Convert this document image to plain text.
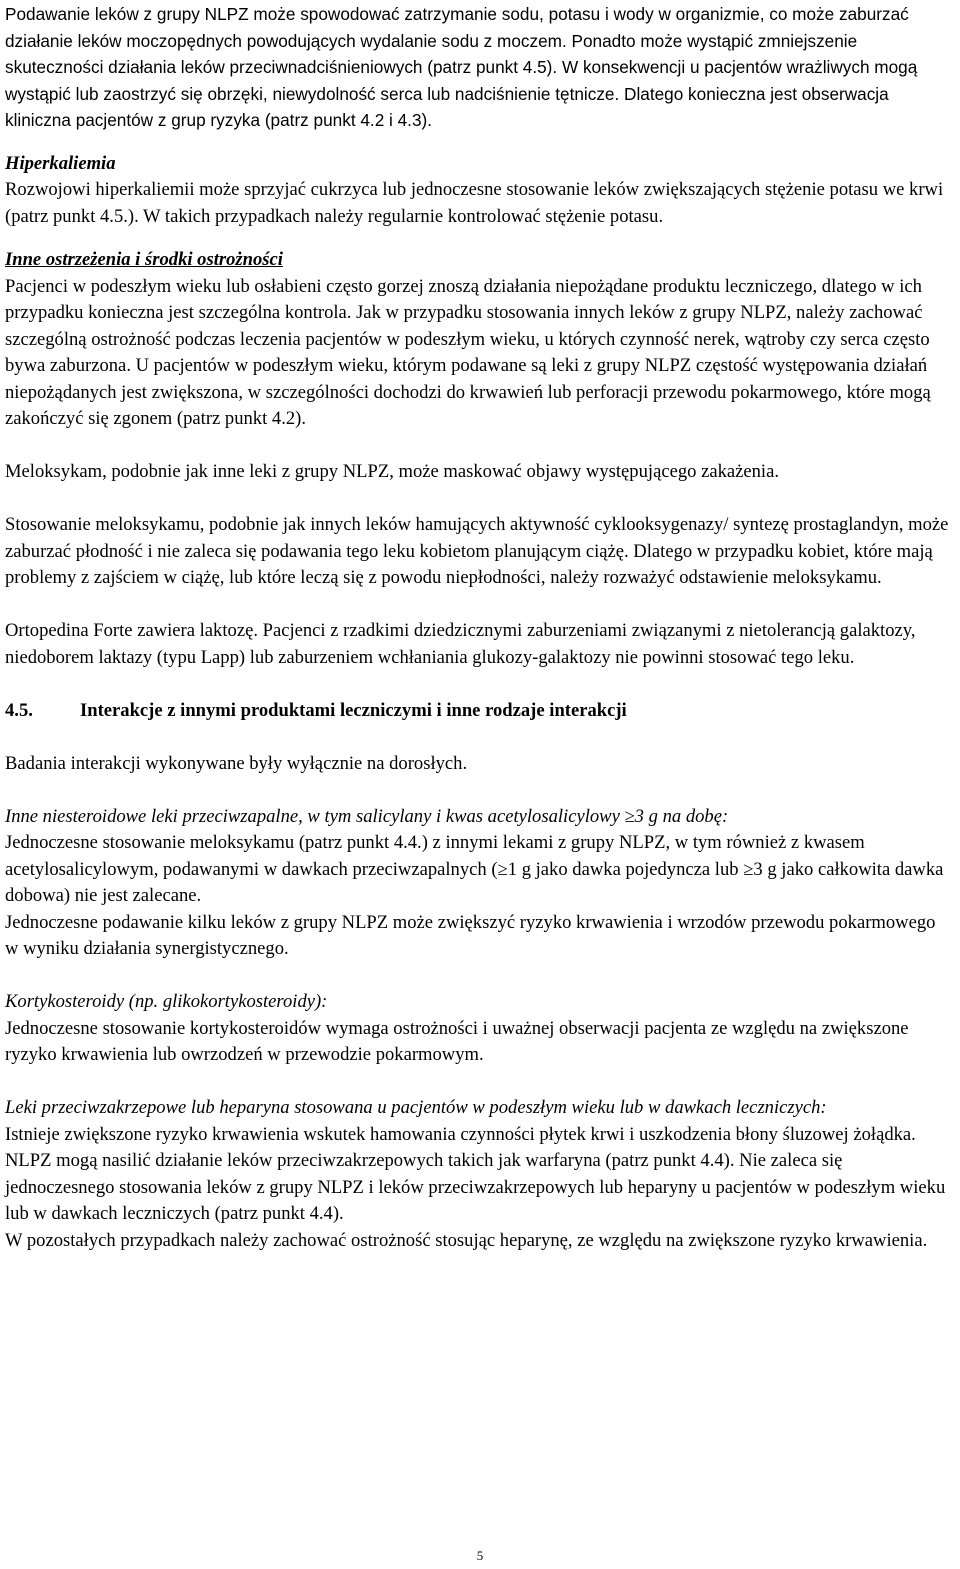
Podawanie leków z grupy NLPZ może spowodować zatrzymanie sodu, potasu i wody w organizmie, co może zaburzać działanie leków moczopędnych powodujących wydalanie sodu z moczem. Ponadto może wystąpić zmniejszenie skuteczności działania leków przeciwnadciśnieniowych (patrz punkt 4.5). W konsekwencji u pacjentów wrażliwych mogą wystąpić lub zaostrzyć się obrzęki, niewydolność serca lub nadciśnienie tętnicze. Dlatego konieczna jest obserwacja kliniczna pacjentów z grup ryzyka (patrz punkt 4.2 i 4.3).

Hiperkaliemia

Rozwojowi hiperkaliemii może sprzyjać cukrzyca lub jednoczesne stosowanie leków zwiększających stężenie potasu we krwi (patrz punkt 4.5.). W takich przypadkach należy regularnie kontrolować stężenie potasu.

Inne ostrzeżenia i środki ostrożności

Pacjenci w podeszłym wieku lub osłabieni często gorzej znoszą działania niepożądane produktu leczniczego, dlatego w ich przypadku konieczna jest szczególna kontrola. Jak w przypadku stosowania innych leków z grupy NLPZ, należy zachować szczególną ostrożność podczas leczenia pacjentów w podeszłym wieku, u których czynność nerek, wątroby czy serca często bywa zaburzona. U pacjentów w podeszłym wieku, którym podawane są leki z grupy NLPZ częstość występowania działań niepożądanych jest zwiększona, w szczególności dochodzi do krwawień lub perforacji przewodu pokarmowego, które mogą zakończyć się zgonem (patrz punkt 4.2).

Meloksykam, podobnie jak inne leki z grupy NLPZ, może maskować objawy występującego zakażenia.

Stosowanie meloksykamu, podobnie jak innych leków hamujących aktywność cyklooksygenazy/ syntezę prostaglandyn, może zaburzać płodność i nie zaleca się podawania tego leku kobietom planującym ciążę. Dlatego w przypadku kobiet, które mają problemy z zajściem w ciążę, lub które leczą się z powodu niepłodności, należy rozważyć odstawienie meloksykamu.

Ortopedina Forte zawiera laktozę. Pacjenci z rzadkimi dziedzicznymi zaburzeniami związanymi z nietolerancją galaktozy, niedoborem laktazy (typu Lapp) lub zaburzeniem wchłaniania glukozy-galaktozy nie powinni stosować tego leku.

4.5.	Interakcje z innymi produktami leczniczymi i inne rodzaje interakcji

Badania interakcji wykonywane były wyłącznie na dorosłych.

Inne niesteroidowe leki przeciwzapalne, w tym salicylany i kwas acetylosalicylowy ≥3 g na dobę:

Jednoczesne stosowanie meloksykamu (patrz punkt 4.4.) z innymi lekami z grupy NLPZ, w tym również z kwasem acetylosalicylowym, podawanymi w dawkach przeciwzapalnych (≥1 g jako dawka pojedyncza lub ≥3 g jako całkowita dawka dobowa) nie jest zalecane.

Jednoczesne podawanie kilku leków z grupy NLPZ może zwiększyć ryzyko krwawienia i wrzodów przewodu pokarmowego w wyniku działania synergistycznego.

Kortykosteroidy (np. glikokortykosteroidy):

Jednoczesne stosowanie kortykosteroidów wymaga ostrożności i uważnej obserwacji pacjenta ze względu na zwiększone ryzyko krwawienia lub owrzodzeń w przewodzie pokarmowym.

Leki przeciwzakrzepowe lub heparyna stosowana u pacjentów w podeszłym wieku lub w dawkach leczniczych:

Istnieje zwiększone ryzyko krwawienia wskutek hamowania czynności płytek krwi i uszkodzenia błony śluzowej żołądka. NLPZ mogą nasilić działanie leków przeciwzakrzepowych takich jak warfaryna (patrz punkt 4.4). Nie zaleca się jednoczesnego stosowania leków z grupy NLPZ i leków przeciwzakrzepowych lub heparyny u pacjentów w podeszłym wieku lub w dawkach leczniczych (patrz punkt 4.4).

W pozostałych przypadkach należy zachować ostrożność stosując heparynę, ze względu na zwiększone ryzyko krwawienia.

5
